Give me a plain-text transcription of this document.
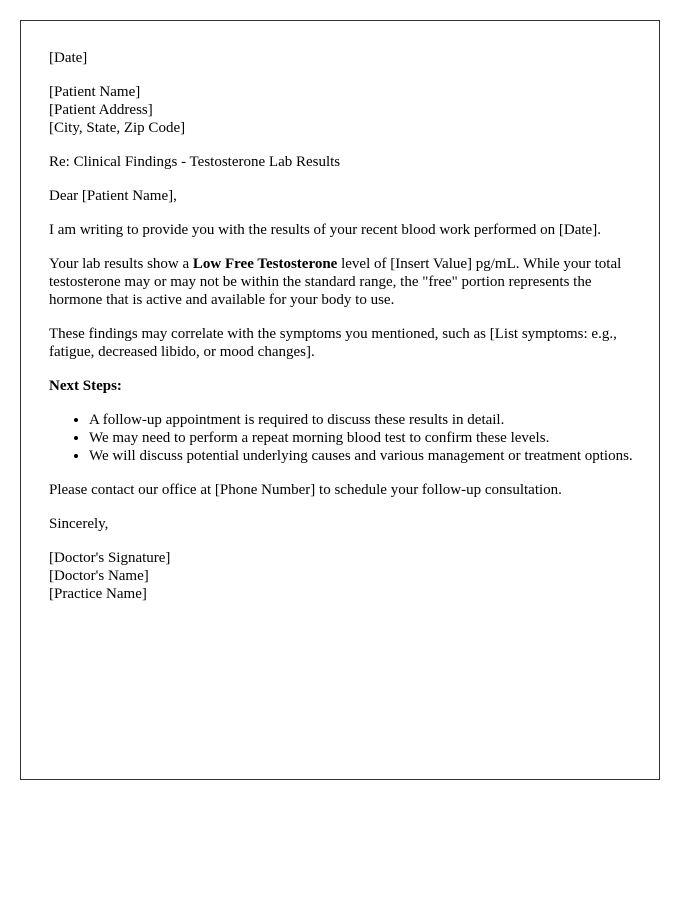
[Date]

[Patient Name]
[Patient Address]
[City, State, Zip Code]

Re: Clinical Findings - Testosterone Lab Results

Dear [Patient Name],

I am writing to provide you with the results of your recent blood work performed on [Date].

Your lab results show a Low Free Testosterone level of [Insert Value] pg/mL. While your total testosterone may or may not be within the standard range, the "free" portion represents the hormone that is active and available for your body to use.

These findings may correlate with the symptoms you mentioned, such as [List symptoms: e.g., fatigue, decreased libido, or mood changes].

Next Steps:

• A follow-up appointment is required to discuss these results in detail.
• We may need to perform a repeat morning blood test to confirm these levels.
• We will discuss potential underlying causes and various management or treatment options.

Please contact our office at [Phone Number] to schedule your follow-up consultation.

Sincerely,

[Doctor's Signature]
[Doctor's Name]
[Practice Name]
